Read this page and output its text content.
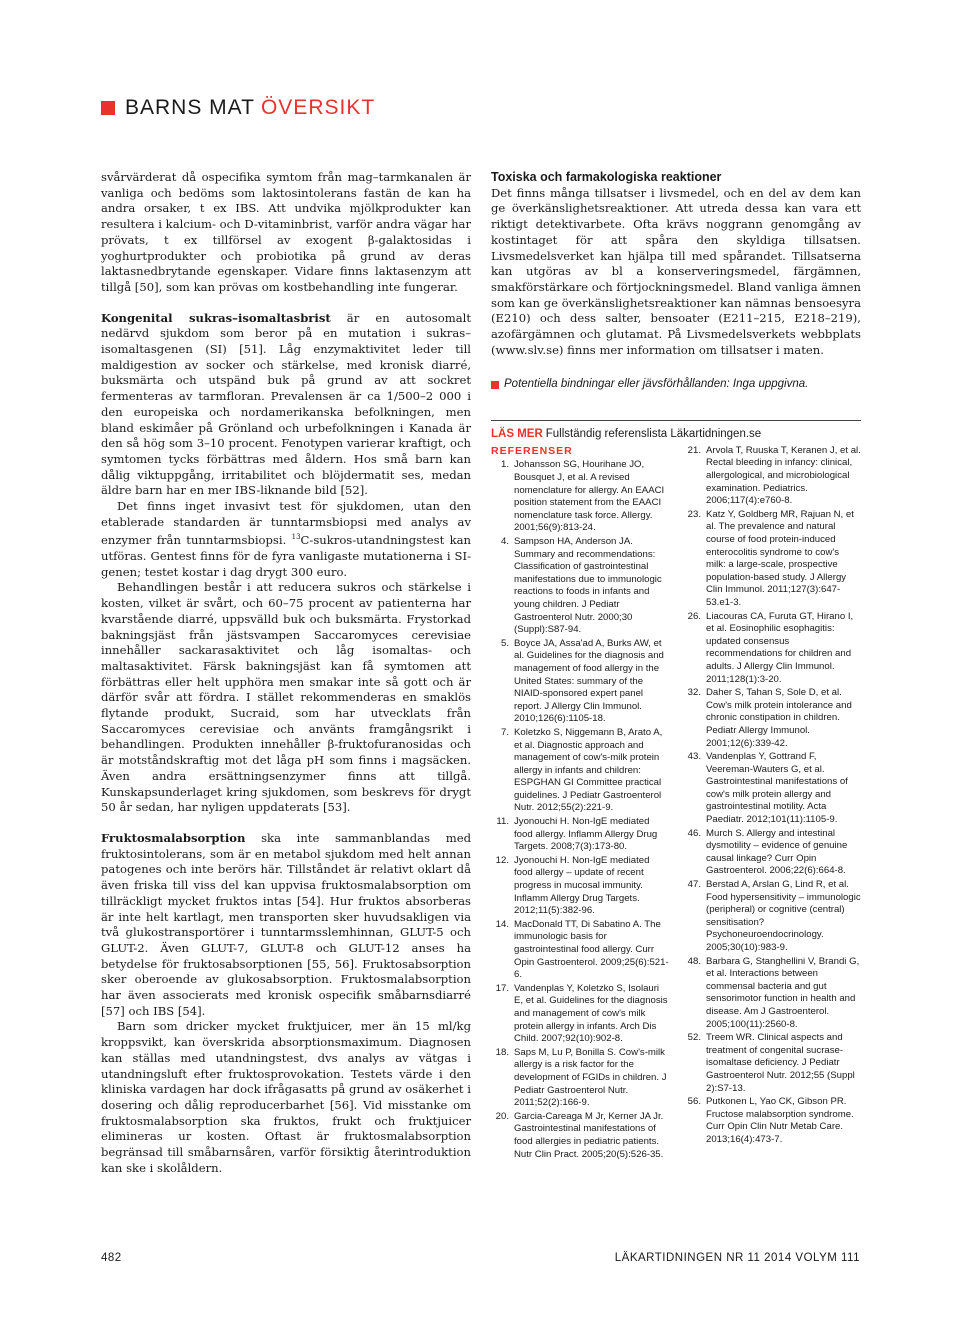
BARNS MAT ÖVERSIKT

svårvärderat då ospecifika symtom från mag–tarmkanalen är vanliga och bedöms som laktosintolerans fastän de kan ha andra orsaker, t ex IBS. Att undvika mjölkprodukter kan resultera i kalcium- och D-vitaminbrist, varför andra vägar har prövats, t ex tillförsel av exogent β-galaktosidas i yoghurtprodukter och probiotika på grund av deras laktasnedbrytande egenskaper. Vidare finns laktasenzym att tillgå [50], som kan prövas om kostbehandling inte fungerar.

Kongenital sukras–isomaltasbrist är en autosomalt nedärvd sjukdom som beror på en mutation i sukras–isomaltasgenen (SI) [51]. Låg enzymaktivitet leder till maldigestion av socker och stärkelse, med kronisk diarré, buksmärta och utspänd buk på grund av att sockret fermenteras av tarmfloran. Prevalensen är ca 1/500–2 000 i den europeiska och nordamerikanska befolkningen, men bland eskimåer på Grönland och urbefolkningen i Kanada är den så hög som 3–10 procent. Fenotypen varierar kraftigt, och symtomen tycks förbättras med åldern. Hos små barn kan dålig viktuppgång, irritabilitet och blöjdermatit ses, medan äldre barn har en mer IBS-liknande bild [52].

Det finns inget invasivt test för sjukdomen, utan den etablerade standarden är tunntarmsbiopsi med analys av enzymer från tunntarmsbiopsi. $^{13}$C-sukros-utandningstest kan utföras. Gentest finns för de fyra vanligaste mutationerna i SI-genen; testet kostar i dag drygt 300 euro.

Behandlingen består i att reducera sukros och stärkelse i kosten, vilket är svårt, och 60–75 procent av patienterna har kvarstående diarré, uppsvälld buk och buksmärta. Frystorkad bakningsjäst från jästsvampen Saccaromyces cerevisiae innehåller sackarasaktivitet och låg isomaltas- och maltasaktivitet. Färsk bakningsjäst kan få symtomen att förbättras eller helt upphöra men smakar inte så gott och är därför svår att fördra. I stället rekommenderas en smaklös flytande produkt, Sucraid, som har utvecklats från Saccaromyces cerevisiae och använts framgångsrikt i behandlingen. Produkten innehåller β-fruktofuranosidas och är motståndskraftig mot det låga pH som finns i magsäcken. Även andra ersättningsenzymer finns att tillgå. Kunskapsunderlaget kring sjukdomen, som beskrevs för drygt 50 år sedan, har nyligen uppdaterats [53].

Fruktosmalabsorption ska inte sammanblandas med fruktosintolerans, som är en metabol sjukdom med helt annan patogenes och inte berörs här. Tillståndet är relativt oklart då även friska till viss del kan uppvisa fruktosmalabsorption om tillräckligt mycket fruktos intas [54]. Hur fruktos absorberas är inte helt kartlagt, men transporten sker huvudsakligen via två glukostransportörer i tunntarmsslemhinnan, GLUT-5 och GLUT-2. Även GLUT-7, GLUT-8 och GLUT-12 anses ha betydelse för fruktosabsorptionen [55, 56]. Fruktosabsorption sker oberoende av glukosabsorption. Fruktosmalabsorption har även associerats med kronisk ospecifik småbarnsdiarré [57] och IBS [54].

Barn som dricker mycket fruktjuicer, mer än 15 ml/kg kroppsvikt, kan överskrida absorptionsmaximum. Diagnosen kan ställas med utandningstest, dvs analys av vätgas i utandningsluft efter fruktosprovokation. Testets värde i den kliniska vardagen har dock ifrågasatts på grund av osäkerhet i dosering och dålig reproducerbarhet [56]. Vid misstanke om fruktosmalabsorption ska fruktos, frukt och fruktjuicer elimineras ur kosten. Oftast är fruktosmalabsorption begränsad till småbarnsåren, varför försiktig återintroduktion kan ske i skolåldern.

Toxiska och farmakologiska reaktioner

Det finns många tillsatser i livsmedel, och en del av dem kan ge överkänslighetsreaktioner. Att utreda dessa kan vara ett riktigt detektivarbete. Ofta krävs noggrann genomgång av kostintaget för att spåra den skyldiga tillsatsen. Livsmedelsverket kan hjälpa till med spårandet. Tillsatserna kan utgöras av bl a konserveringsmedel, färgämnen, smakförstärkare och förtjockningsmedel. Bland vanliga ämnen som kan ge överkänslighetsreaktioner kan nämnas bensoesyra (E210) och dess salter, bensoater (E211–215, E218–219), azofärgämnen och glutamat. På Livsmedelsverkets webbplats (www.slv.se) finns mer information om tillsatser i maten.

Potentiella bindningar eller jävsförhållanden: Inga uppgivna.
LÄS MER Fullständig referenslista Läkartidningen.se
REFERENSER
1. Johansson SG, Hourihane JO, Bousquet J, et al. A revised nomenclature for allergy. An EAACI position statement from the EAACI nomenclature task force. Allergy. 2001;56(9):813-24.
4. Sampson HA, Anderson JA. Summary and recommendations: Classification of gastrointestinal manifestations due to immunologic reactions to foods in infants and young children. J Pediatr Gastroenterol Nutr. 2000;30 (Suppl):S87-94.
5. Boyce JA, Assa'ad A, Burks AW, et al. Guidelines for the diagnosis and management of food allergy in the United States: summary of the NIAID-sponsored expert panel report. J Allergy Clin Immunol. 2010;126(6):1105-18.
7. Koletzko S, Niggemann B, Arato A, et al. Diagnostic approach and management of cow's-milk protein allergy in infants and children: ESPGHAN GI Committee practical guidelines. J Pediatr Gastroenterol Nutr. 2012;55(2):221-9.
11. Jyonouchi H. Non-IgE mediated food allergy. Inflamm Allergy Drug Targets. 2008;7(3):173-80.
12. Jyonouchi H. Non-IgE mediated food allergy – update of recent progress in mucosal immunity. Inflamm Allergy Drug Targets. 2012;11(5):382-96.
14. MacDonald TT, Di Sabatino A. The immunologic basis for gastrointestinal food allergy. Curr Opin Gastroenterol. 2009;25(6):521-6.
17. Vandenplas Y, Koletzko S, Isolauri E, et al. Guidelines for the diagnosis and management of cow's milk protein allergy in infants. Arch Dis Child. 2007;92(10):902-8.
18. Saps M, Lu P, Bonilla S. Cow's-milk allergy is a risk factor for the development of FGIDs in children. J Pediatr Gastroenterol Nutr. 2011;52(2):166-9.
20. Garcia-Careaga M Jr, Kerner JA Jr. Gastrointestinal manifestations of food allergies in pediatric patients. Nutr Clin Pract. 2005;20(5):526-35.
21. Arvola T, Ruuska T, Keranen J, et al. Rectal bleeding in infancy: clinical, allergological, and microbiological examination. Pediatrics. 2006;117(4):e760-8.
23. Katz Y, Goldberg MR, Rajuan N, et al. The prevalence and natural course of food protein-induced enterocolitis syndrome to cow's milk: a large-scale, prospective population-based study. J Allergy Clin Immunol. 2011;127(3):647-53.e1-3.
26. Liacouras CA, Furuta GT, Hirano I, et al. Eosinophilic esophagitis: updated consensus recommendations for children and adults. J Allergy Clin Immunol. 2011;128(1):3-20.
32. Daher S, Tahan S, Sole D, et al. Cow's milk protein intolerance and chronic constipation in children. Pediatr Allergy Immunol. 2001;12(6):339-42.
43. Vandenplas Y, Gottrand F, Veereman-Wauters G, et al. Gastrointestinal manifestations of cow's milk protein allergy and gastrointestinal motility. Acta Paediatr. 2012;101(11):1105-9.
46. Murch S. Allergy and intestinal dysmotility – evidence of genuine causal linkage? Curr Opin Gastroenterol. 2006;22(6):664-8.
47. Berstad A, Arslan G, Lind R, et al. Food hypersensitivity – immunologic (peripheral) or cognitive (central) sensitisation? Psychoneuroendocrinology. 2005;30(10):983-9.
48. Barbara G, Stanghellini V, Brandi G, et al. Interactions between commensal bacteria and gut sensorimotor function in health and disease. Am J Gastroenterol. 2005;100(11):2560-8.
52. Treem WR. Clinical aspects and treatment of congenital sucrase-isomaltase deficiency. J Pediatr Gastroenterol Nutr. 2012;55 (Suppl 2):S7-13.
56. Putkonen L, Yao CK, Gibson PR. Fructose malabsorption syndrome. Curr Opin Clin Nutr Metab Care. 2013;16(4):473-7.
482	LÄKARTIDNINGEN NR 11 2014 VOLYM 111
